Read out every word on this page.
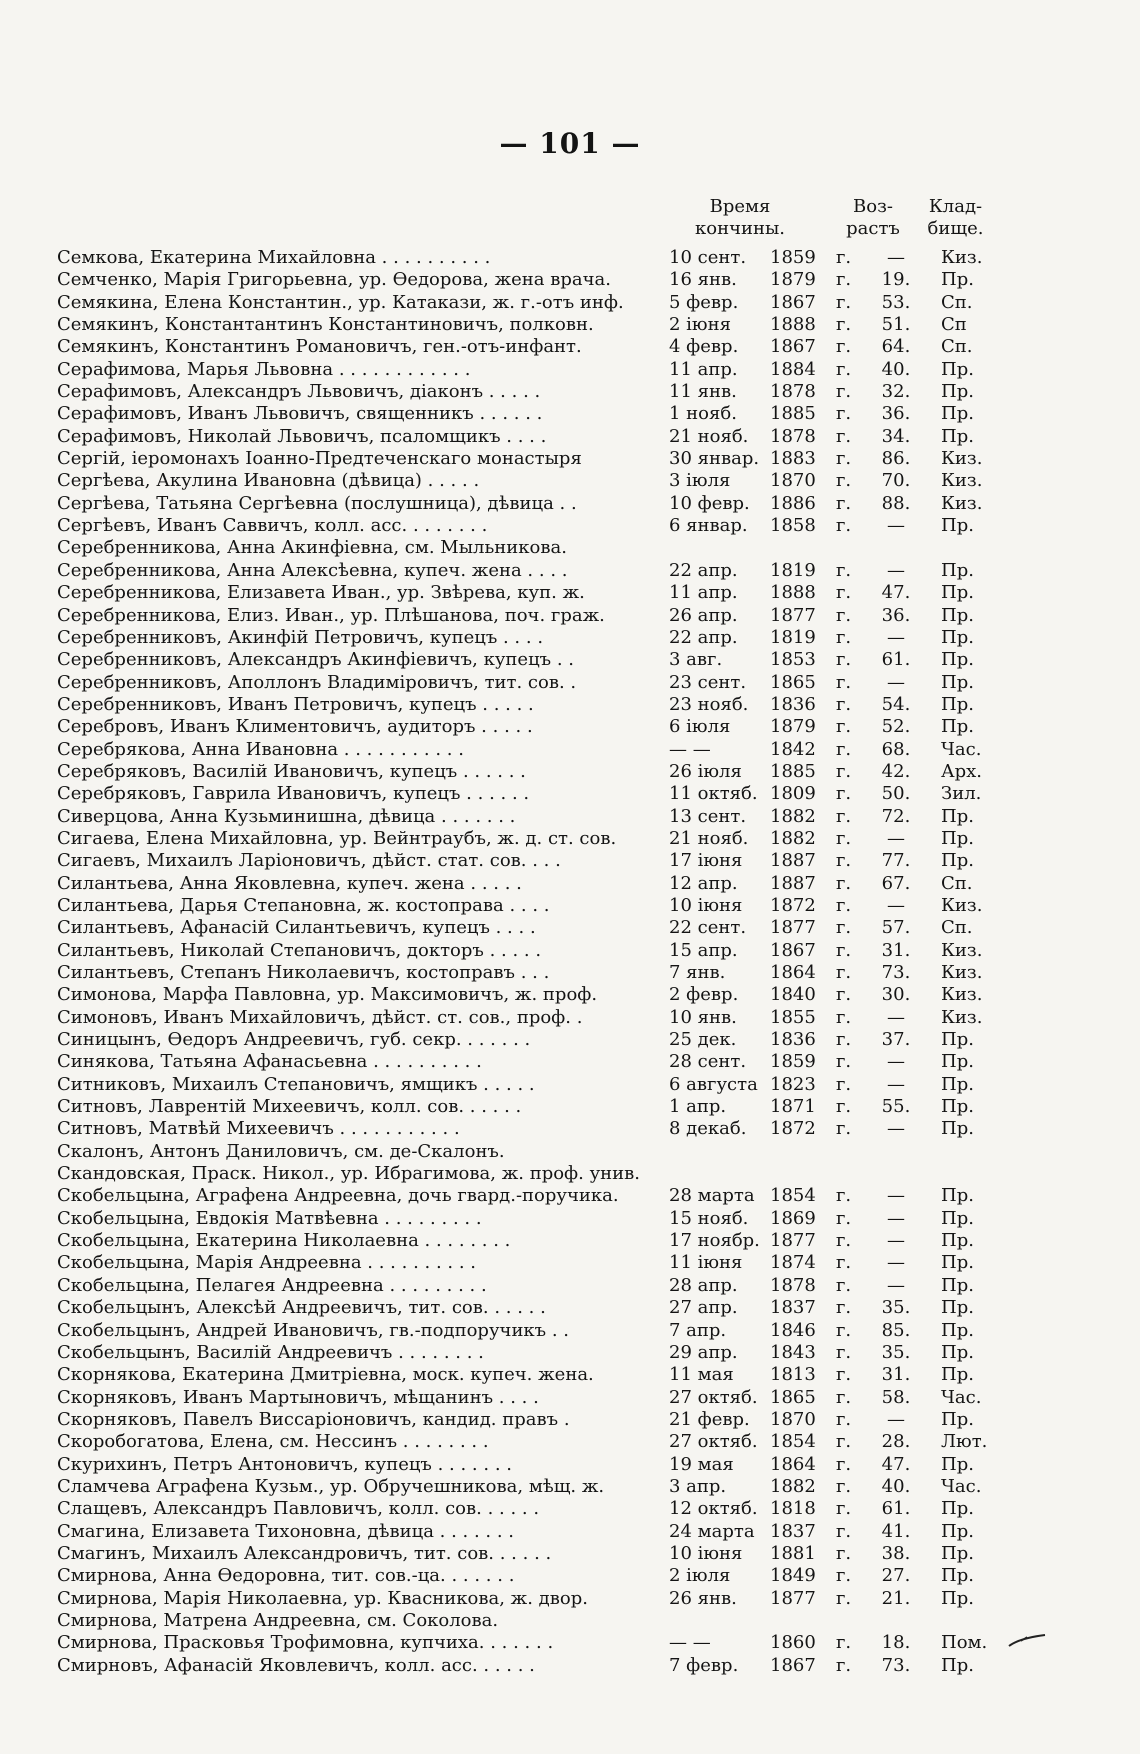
— 101 —
Время
кончины.
Воз-
растъ
Клад-
бище.
Семкова, Екатерина Михайловна . . . . . . . . . .	10 сент.	1859	г.	—	Киз.
Семченко, Марія Григорьевна, ур. Өедорова, жена врача.	16 янв.	1879	г.	19.	Пр.
Семякина, Елена Константин., ур. Катакази, ж. г.-отъ инф.	5 февр.	1867	г.	53.	Сп.
Семякинъ, Константантинъ Константиновичъ, полковн.	2 іюня	1888	г.	51.	Сп
Семякинъ, Константинъ Романовичъ, ген.-отъ-инфант.	4 февр.	1867	г.	64.	Сп.
Серафимова, Марья Львовна . . . . . . . . . . . .	11 апр.	1884	г.	40.	Пр.
Серафимовъ, Александръ Львовичъ, діаконъ . . . . .	11 янв.	1878	г.	32.	Пр.
Серафимовъ, Иванъ Львовичъ, священникъ . . . . . .	1 нояб.	1885	г.	36.	Пр.
Серафимовъ, Николай Львовичъ, псаломщикъ . . . .	21 нояб.	1878	г.	34.	Пр.
Сергій, іеромонахъ Іоанно-Предтеченскаго монастыря	30 январ. 1883	г.	86.	Киз.
Сергѣева, Акулина Ивановна (дѣвица) . . . . .	3 іюля	1870	г.	70.	Киз.
Сергѣева, Татьяна Сергѣевна (послушница), дѣвица . .	10 февр.	1886	г.	88.	Киз.
Сергѣевъ, Иванъ Саввичъ, колл. асс. . . . . . . .	6 январ.	1858	г.	—	Пр.
Серебренникова, Анна Акинфіевна, см. Мыльникова.
Серебренникова, Анна Алексѣевна, купеч. жена . . . .	22 апр.	1819	г.	—	Пр.
Серебренникова, Елизавета Иван., ур. Звѣрева, куп. ж.	11 апр.	1888	г.	47.	Пр.
Серебренникова, Елиз. Иван., ур. Плѣшанова, поч. граж.	26 апр.	1877	г.	36.	Пр.
Серебренниковъ, Акинфій Петровичъ, купецъ . . . .	22 апр.	1819	г.	—	Пр.
Серебренниковъ, Александръ Акинфіевичъ, купецъ . .	3 авг.	1853	г.	61.	Пр.
Серебренниковъ, Аполлонъ Владиміровичъ, тит. сов. .	23 сент.	1865	г.	—	Пр.
Серебренниковъ, Иванъ Петровичъ, купецъ . . . . .	23 нояб.	1836	г.	54.	Пр.
Серебровъ, Иванъ Климентовичъ, аудиторъ . . . . .	6 іюля	1879	г.	52.	Пр.
Серебрякова, Анна Ивановна . . . . . . . . . . .	— —	1842	г.	68.	Час.
Серебряковъ, Василій Ивановичъ, купецъ . . . . . .	26 іюля	1885	г.	42.	Арх.
Серебряковъ, Гаврила Ивановичъ, купецъ . . . . . .	11 октяб. 1809	г.	50.	Зил.
Сиверцова, Анна Кузьминишна, дѣвица . . . . . . .	13 сент.	1882	г.	72.	Пр.
Сигаева, Елена Михайловна, ур. Вейнтраубъ, ж. д. ст. сов.	21 нояб.	1882	г.	—	Пр.
Сигаевъ, Михаилъ Ларіоновичъ, дѣйст. стат. сов. . . .	17 іюня	1887	г.	77.	Пр.
Силантьева, Анна Яковлевна, купеч. жена . . . . .	12 апр.	1887	г.	67.	Сп.
Силантьева, Дарья Степановна, ж. костоправа . . . .	10 іюня	1872	г.	—	Киз.
Силантьевъ, Афанасій Силантьевичъ, купецъ . . . .	22 сент.	1877	г.	57.	Сп.
Силантьевъ, Николай Степановичъ, докторъ . . . . .	15 апр.	1867	г.	31.	Киз.
Силантьевъ, Степанъ Николаевичъ, костоправъ . . .	7 янв.	1864	г.	73.	Киз.
Симонова, Марфа Павловна, ур. Максимовичъ, ж. проф.	2 февр.	1840	г.	30.	Киз.
Симоновъ, Иванъ Михайловичъ, дѣйст. ст. сов., проф. .	10 янв.	1855	г.	—	Киз.
Синицынъ, Өедоръ Андреевичъ, губ. секр. . . . . . .	25 дек.	1836	г.	37.	Пр.
Синякова, Татьяна Афанасьевна . . . . . . . . . .	28 сент.	1859	г.	—	Пр.
Ситниковъ, Михаилъ Степановичъ, ямщикъ . . . . .	6 августа 1823	г.	—	Пр.
Ситновъ, Лаврентій Михеевичъ, колл. сов. . . . . .	1 апр.	1871	г.	55.	Пр.
Ситновъ, Матвѣй Михеевичъ . . . . . . . . . . .	8 декаб.	1872	г.	—	Пр.
Скалонъ, Антонъ Даниловичъ, см. де-Скалонъ.
Скандовская, Праск. Никол., ур. Ибрагимова, ж. проф. унив.
Скобельцына, Аграфена Андреевна, дочь гвард.-поручика.	28 марта 1854	г.	—	Пр.
Скобельцына, Евдокія Матвѣевна . . . . . . . . .	15 нояб.	1869	г.	—	Пр.
Скобельцына, Екатерина Николаевна . . . . . . . .	17 ноябр. 1877	г.	—	Пр.
Скобельцына, Марія Андреевна . . . . . . . . . .	11 іюня	1874	г.	—	Пр.
Скобельцына, Пелагея Андреевна . . . . . . . . .	28 апр.	1878	г.	—	Пр.
Скобельцынъ, Алексѣй Андреевичъ, тит. сов. . . . . .	27 апр.	1837	г.	35.	Пр.
Скобельцынъ, Андрей Ивановичъ, гв.-подпоручикъ . .	7 апр.	1846	г.	85.	Пр.
Скобельцынъ, Василій Андреевичъ . . . . . . . .	29 апр.	1843	г.	35.	Пр.
Скорнякова, Екатерина Дмитріевна, моск. купеч. жена.	11 мая	1813	г.	31.	Пр.
Скорняковъ, Иванъ Мартыновичъ, мѣщанинъ . . . .	27 октяб. 1865	г.	58.	Час.
Скорняковъ, Павелъ Виссаріоновичъ, кандид. правъ .	21 февр.	1870	г.	—	Пр.
Скоробогатова, Елена, см. Нессинъ . . . . . . . .	27 октяб. 1854	г.	28.	Лют.
Скурихинъ, Петръ Антоновичъ, купецъ . . . . . . .	19 мая	1864	г.	47.	Пр.
Сламчева Аграфена Кузьм., ур. Обручешникова, мѣщ. ж.	3 апр.	1882	г.	40.	Час.
Слащевъ, Александръ Павловичъ, колл. сов. . . . . .	12 октяб. 1818	г.	61.	Пр.
Смагина, Елизавета Тихоновна, дѣвица . . . . . . .	24 марта 1837	г.	41.	Пр.
Смагинъ, Михаилъ Александровичъ, тит. сов. . . . . .	10 іюня	1881	г.	38.	Пр.
Смирнова, Анна Өедоровна, тит. сов.-ца. . . . . . .	2 іюля	1849	г.	27.	Пр.
Смирнова, Марія Николаевна, ур. Квасникова, ж. двор.	26 янв.	1877	г.	21.	Пр.
Смирнова, Матрена Андреевна, см. Соколова.
Смирнова, Прасковья Трофимовна, купчиха. . . . . . .	— —	1860	г.	18.	Пом.
Смирновъ, Афанасій Яковлевичъ, колл. асс. . . . . .	7 февр.	1867	г.	73.	Пр.
